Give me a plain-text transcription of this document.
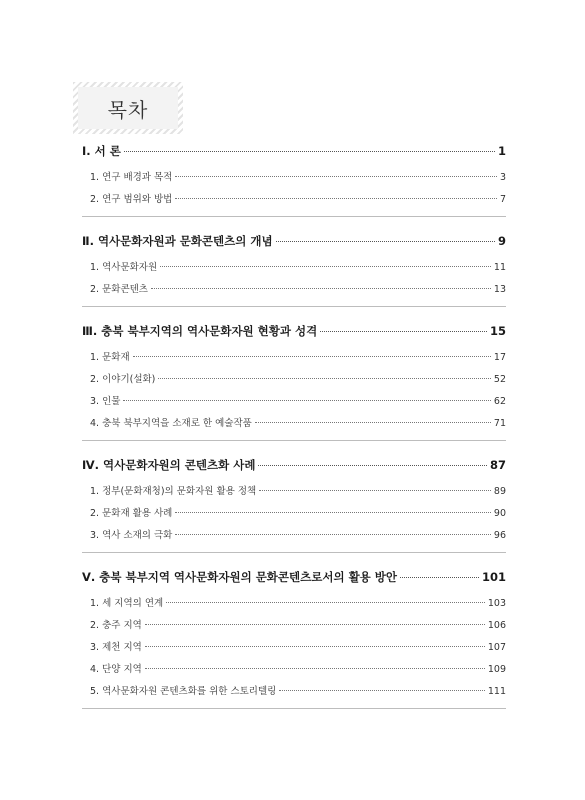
목차
Ⅰ. 서 론	1
1. 연구 배경과 목적	3
2. 연구 범위와 방법	7
Ⅱ. 역사문화자원과 문화콘텐츠의 개념	9
1. 역사문화자원	11
2. 문화콘텐츠	13
Ⅲ. 충북 북부지역의 역사문화자원 현황과 성격	15
1. 문화재	17
2. 이야기(설화)	52
3. 인물	62
4. 충북 북부지역을 소재로 한 예술작품	71
Ⅳ. 역사문화자원의 콘텐츠화 사례	87
1. 정부(문화재청)의 문화자원 활용 정책	89
2. 문화재 활용 사례	90
3. 역사 소재의 극화	96
Ⅴ. 충북 북부지역 역사문화자원의 문화콘텐츠로서의 활용 방안	101
1. 세 지역의 연계	103
2. 충주 지역	106
3. 제천 지역	107
4. 단양 지역	109
5. 역사문화자원 콘텐츠화를 위한 스토리텔링	111
